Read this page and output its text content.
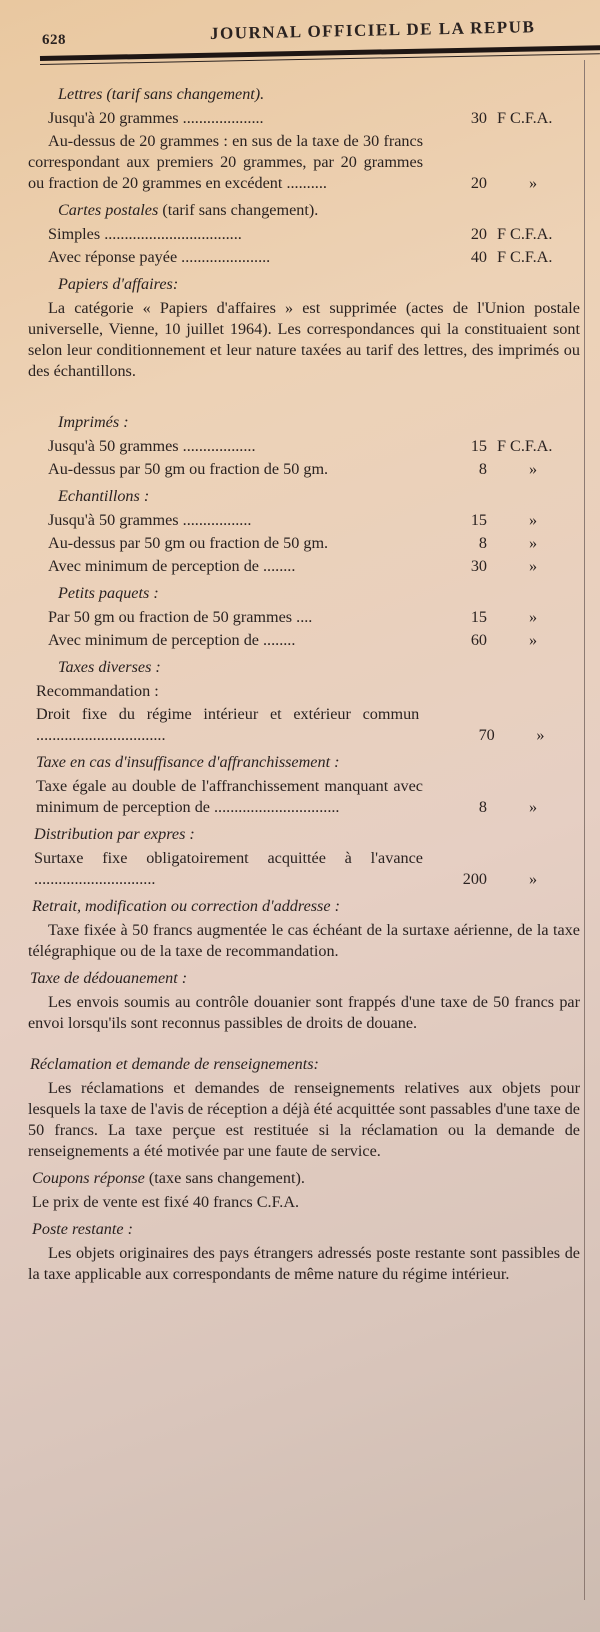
628	JOURNAL OFFICIEL DE LA REPUB
Lettres (tarif sans changement).
Jusqu'à 20 grammes ....................	30 F C.F.A.
Au-dessus de 20 grammes : en sus de la taxe de 30 francs correspondant aux premiers 20 grammes, par 20 grammes ou fraction de 20 grammes en excédent ..........	20	»
Cartes postales (tarif sans changement).
Simples ..................................	20 F C.F.A.
Avec réponse payée ......................	40 F C.F.A.
Papiers d'affaires:
La catégorie « Papiers d'affaires » est supprimée (actes de l'Union postale universelle, Vienne, 10 juillet 1964). Les correspondances qui la constituaient sont selon leur conditionnement et leur nature taxées au tarif des lettres, des imprimés ou des échantillons.
Imprimés :
Jusqu'à 50 grammes ..................	15 F C.F.A.
Au-dessus par 50 gm ou fraction de 50 gm.	8	»
Echantillons :
Jusqu'à 50 grammes .................	15	»
Au-dessus par 50 gm ou fraction de 50 gm.	8	»
Avec minimum de perception de ........	30	»
Petits paquets :
Par 50 gm ou fraction de 50 grammes ....	15	»
Avec minimum de perception de ........	60	»
Taxes diverses :
Recommandation :
Droit fixe du régime intérieur et extérieur commun ................................	70	»
Taxe en cas d'insuffisance d'affranchissement :
Taxe égale au double de l'affranchissement manquant avec minimum de perception de ...............................	8	»
Distribution par expres :
Surtaxe fixe obligatoirement acquittée à l'avance ..............................	200	»
Retrait, modification ou correction d'addresse :
Taxe fixée à 50 francs augmentée le cas échéant de la surtaxe aérienne, de la taxe télégraphique ou de la taxe de recommandation.
Taxe de dédouanement :
Les envois soumis au contrôle douanier sont frappés d'une taxe de 50 francs par envoi lorsqu'ils sont reconnus passibles de droits de douane.
Réclamation et demande de renseignements:
Les réclamations et demandes de renseignements relatives aux objets pour lesquels la taxe de l'avis de réception a déjà été acquittée sont passables d'une taxe de 50 francs. La taxe perçue est restituée si la réclamation ou la demande de renseignements a été motivée par une faute de service.
Coupons réponse (taxe sans changement).
Le prix de vente est fixé 40 francs C.F.A.
Poste restante :
Les objets originaires des pays étrangers adressés poste restante sont passibles de la taxe applicable aux correspondants de même nature du régime intérieur.
